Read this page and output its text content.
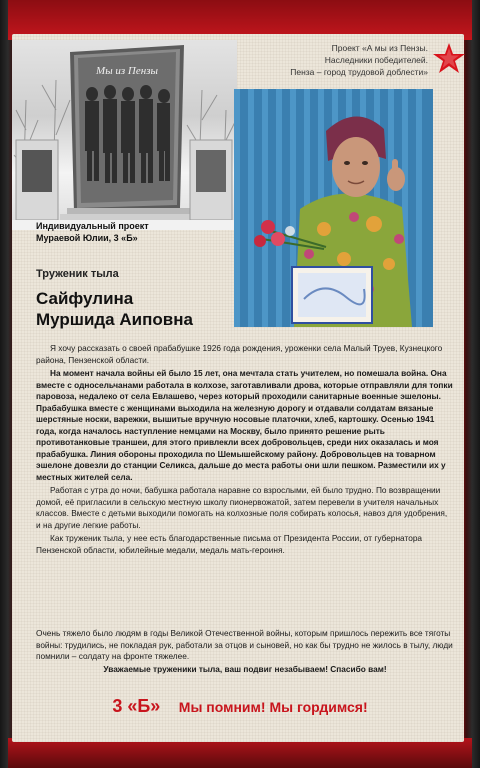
Мы из Пензы
Проект «А мы из Пензы.
Наследники победителей.
Пенза – город трудовой доблести»
Индивидуальный проект
Мураевой Юлии, 3 «Б»
Труженик тыла
Сайфулина
Муршида Аиповна

Я хочу рассказать о своей прабабушке 1926 года рождения, уроженки села Малый Труев, Кузнецкого района, Пензенской области.

На момент начала войны ей было 15 лет, она мечтала стать учителем, но помешала война. Она вместе с односельчанами работала в колхозе, заготавливали дрова, которые отправляли для топки паровоза, недалеко от села Евлашево, через который проходили санитарные военные эшелоны. Прабабушка вместе с женщинами выходила на железную дорогу и отдавали солдатам вязаные шерстяные носки, варежки, вышитые вручную носовые платочки, хлеб, картошку. Осенью 1941 года, когда началось наступление немцами на Москву, было принято решение рыть противотанковые траншеи, для этого привлекли всех добровольцев, среди них оказалась и моя прабабушка. Линия обороны проходила по Шемышейскому району. Добровольцев на товарном эшелоне довезли до станции Селикса, дальше до места работы они шли пешком. Разместили их у местных жителей села.

Работая с утра до ночи, бабушка работала наравне со взрослыми, ей было трудно. По возвращении домой, её пригласили в сельскую местную школу пионервожатой, затем перевели в учителя начальных классов. Вместе с детьми выходили помогать на колхозные поля собирать колосья, навоз для удобрения, и на другие легкие работы.

Как труженик тыла, у нее есть благодарственные письма от Президента России, от губернатора Пензенской области, юбилейные медали, медаль мать-героиня.

Очень тяжело было людям в годы Великой Отечественной войны, которым пришлось пережить все тяготы войны: трудились, не покладая рук, работали за отцов и сыновей, но как бы трудно не жилось в тылу, люди помнили – солдату на фронте тяжелее.
Уважаемые труженики тыла, ваш подвиг незабываем! Спасибо вам!
3 «Б» Мы помним! Мы гордимся!
